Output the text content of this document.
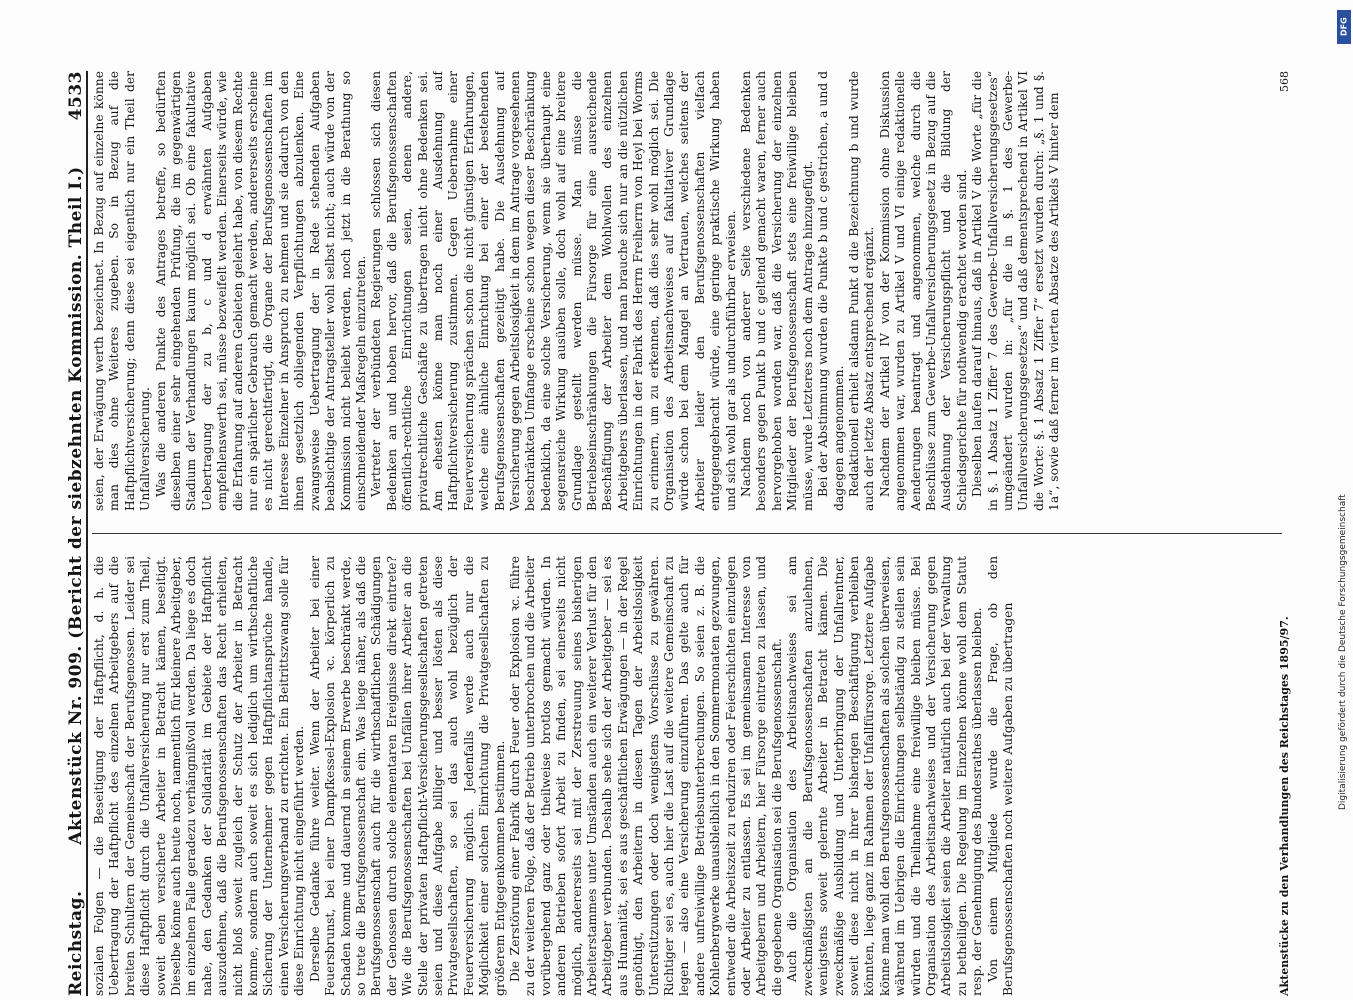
Reichstag.
Aktenstück Nr. 909. (Bericht der siebzehnten Kommission. Theil I.)
4533

sozialen Folgen — die Beseitigung der Haftpflicht, d. h. die Uebertragung der Haftpflicht des einzelnen Arbeitgebers auf die breiten Schultern der Gemeinschaft der Berufsgenossen. Leider sei diese Haftpflicht durch die Unfallversicherung nur erst zum Theil, soweit eben versicherte Arbeiter in Betracht kämen, beseitigt. Dieselbe könne auch heute noch, namentlich für kleinere Arbeitgeber, im einzelnen Falle geradezu verhängnißvoll werden. Da liege es doch nahe, den Gedanken der Solidarität im Gebiete der Haftpflicht auszudehnen, daß die Berufsgenossenschaften das Recht erhielten, nicht bloß soweit zugleich der Schutz der Arbeiter in Betracht komme, sondern auch soweit es sich lediglich um wirthschaftliche Sicherung der Unternehmer gegen Haftpflichtansprüche handle, einen Versicherungsverband zu errichten. Ein Beitrittszwang solle für diese Einrichtung nicht eingeführt werden. Derselbe Gedanke führe weiter. Wenn der Arbeiter bei einer Feuersbrunst, bei einer Dampfkessel-Explosion ꝛc. körperlich zu Schaden komme und dauernd in seinem Erwerbe beschränkt werde, so trete die Berufsgenossenschaft ein. Was liege näher, als daß die Berufsgenossenschaft auch für die wirthschaftlichen Schädigungen der Genossen durch solche elementaren Ereignisse direkt eintrete? Wie die Berufsgenossenschaften bei Unfällen ihrer Arbeiter an die Stelle der privaten Haftpflicht-Versicherungsgesellschaften getreten seien und diese Aufgabe billiger und besser lösten als diese Privatgesellschaften, so sei das auch wohl bezüglich der Feuerversicherung möglich. Jedenfalls werde auch nur die Möglichkeit einer solchen Einrichtung die Privatgesellschaften zu größerem Entgegenkommen bestimmen. Die Zerstörung einer Fabrik durch Feuer oder Explosion ꝛc. führe zu der weiteren Folge, daß der Betrieb unterbrochen und die Arbeiter vorübergehend ganz oder theilweise brotlos gemacht würden. In anderen Betrieben sofort Arbeit zu finden, sei einerseits nicht möglich, andererseits sei mit der Zerstreuung seines bisherigen Arbeiterstammes unter Umständen auch ein weiterer Verlust für den Arbeitgeber verbunden. Deshalb sehe sich der Arbeitgeber — sei es aus Humanität, sei es aus geschäftlichen Erwägungen — in der Regel genöthigt, den Arbeitern in diesen Tagen der Arbeitslosigkeit Unterstützungen oder doch wenigstens Vorschüsse zu gewähren. Richtiger sei es, auch hier die Last auf die weitere Gemeinschaft zu legen — also eine Versicherung einzuführen. Das gelte auch für andere unfreiwillige Betriebsunterbrechungen. So seien z. B. die Kohlenbergwerke unausbleiblich in den Sommermonaten gezwungen, entweder die Arbeitszeit zu reduziren oder Feierschichten einzulegen oder Arbeiter zu entlassen. Es sei im gemeinsamen Interesse von Arbeitgebern und Arbeitern, hier Fürsorge eintreten zu lassen, und die gegebene Organisation sei die Berufsgenossenschaft. Auch die Organisation des Arbeitsnachweises sei am zweckmäßigsten an die Berufsgenossenschaften anzulehnen, wenigstens soweit gelernte Arbeiter in Betracht kämen. Die zweckmäßige Ausbildung und Unterbringung der Unfallrentner, soweit diese nicht in ihrer bisherigen Beschäftigung verbleiben könnten, liege ganz im Rahmen der Unfallfürsorge. Letztere Aufgabe könne man wohl den Berufsgenossenschaften als solchen überweisen, während im Uebrigen die Einrichtungen selbständig zu stellen sein würden und die Theilnahme eine freiwillige bleiben müsse. Bei Organisation des Arbeitsnachweises und der Versicherung gegen Arbeitslosigkeit seien die Arbeiter natürlich auch bei der Verwaltung zu betheiligen. Die Regelung im Einzelnen könne wohl dem Statut resp. der Genehmigung des Bundesrathes überlassen bleiben. Von einem Mitgliede wurde die Frage, ob den Berufsgenossenschaften noch weitere Aufgaben zu übertragen	Aktenstücke zu den Verhandlungen des Reichstages 1895/97.

seien, der Erwägung werth bezeichnet. In Bezug auf einzelne könne man dies ohne Weiteres zugeben. So in Bezug auf die Haftpflichtversicherung; denn diese sei eigentlich nur ein Theil der Unfallversicherung. Was die anderen Punkte des Antrages betreffe, so bedürften dieselben einer sehr eingehenden Prüfung, die im gegenwärtigen Stadium der Verhandlungen kaum möglich sei. Ob eine fakultative Uebertragung der zu b, c und d erwähnten Aufgaben empfehlenswerth sei, müsse bezweifelt werden. Einerseits würde, wie die Erfahrung auf anderen Gebieten gelehrt habe, von diesem Rechte nur ein spärlicher Gebrauch gemacht werden, andererseits erscheine es nicht gerechtfertigt, die Organe der Berufsgenossenschaften im Interesse Einzelner in Anspruch zu nehmen und sie dadurch von den ihnen gesetzlich obliegenden Verpflichtungen abzulenken. Eine zwangsweise Uebertragung der in Rede stehenden Aufgaben beabsichtige der Antragsteller wohl selbst nicht; auch würde von der Kommission nicht beliebt werden, noch jetzt in die Berathung so einschneidender Maßregeln einzutreten. Vertreter der verbündeten Regierungen schlossen sich diesen Bedenken an und hoben hervor, daß die Berufsgenossenschaften öffentlich-rechtliche Einrichtungen seien, denen andere, privatrechtliche Geschäfte zu übertragen nicht ohne Bedenken sei. Am ehesten könne man noch einer Ausdehnung auf Haftpflichtversicherung zustimmen. Gegen Uebernahme einer Feuerversicherung sprächen schon die nicht günstigen Erfahrungen, welche eine ähnliche Einrichtung bei einer der bestehenden Berufsgenossenschaften gezeitigt habe. Die Ausdehnung auf Versicherung gegen Arbeitslosigkeit in dem im Antrage vorgesehenen beschränkten Umfange erscheine schon wegen dieser Beschränkung bedenklich, da eine solche Versicherung, wenn sie überhaupt eine segensreiche Wirkung ausüben solle, doch wohl auf eine breitere Grundlage gestellt werden müsse. Man müsse die Betriebseinschränkungen die Fürsorge für eine ausreichende Beschäftigung der Arbeiter dem Wohlwollen des einzelnen Arbeitgebers überlassen, und man brauche sich nur an die nützlichen Einrichtungen in der Fabrik des Herrn Freiherrn von Heyl bei Worms zu erinnern, um zu erkennen, daß dies sehr wohl möglich sei. Die Organisation des Arbeitsnachweises auf fakultativer Grundlage würde schon bei dem Mangel an Vertrauen, welches seitens der Arbeiter leider den Berufsgenossenschaften vielfach entgegengebracht würde, eine geringe praktische Wirkung haben und sich wohl gar als undurchführbar erweisen. Nachdem noch von anderer Seite verschiedene Bedenken besonders gegen Punkt b und c geltend gemacht waren, ferner auch hervorgehoben worden war, daß die Versicherung der einzelnen Mitglieder der Berufsgenossenschaft stets eine freiwillige bleiben müsse, wurde Letzteres noch dem Antrage hinzugefügt. Bei der Abstimmung wurden die Punkte b und c gestrichen, a und d dagegen angenommen. Redaktionell erhielt alsdann Punkt d die Bezeichnung b und wurde auch der letzte Absatz entsprechend ergänzt. Nachdem der Artikel IV von der Kommission ohne Diskussion angenommen war, wurden zu Artikel V und VI einige redaktionelle Aenderungen beantragt und angenommen, welche durch die Beschlüsse zum Gewerbe-Unfallversicherungsgesetz in Bezug auf die Ausdehnung der Versicherungspflicht und die Bildung der Schiedsgerichte für nothwendig erachtet worden sind. Dieselben laufen darauf hinaus, daß in Artikel V die Worte „für die in §. 1 Absatz 1 Ziffer 7 des Gewerbe-Unfallversicherungsgesetzes“ umgeändert wurden in: „für die in §. 1 des Gewerbe-Unfallversicherungsgesetzes“ und daß dementsprechend in Artikel VI die Worte: §. 1 Absatz 1 Ziffer 7“ ersetzt wurden durch: „§. 1 und §. 1a“, sowie daß ferner im vierten Absatze des Artikels V hinter dem

568
DFG
Digitalisierung gefördert durch die Deutsche Forschungsgemeinschaft
